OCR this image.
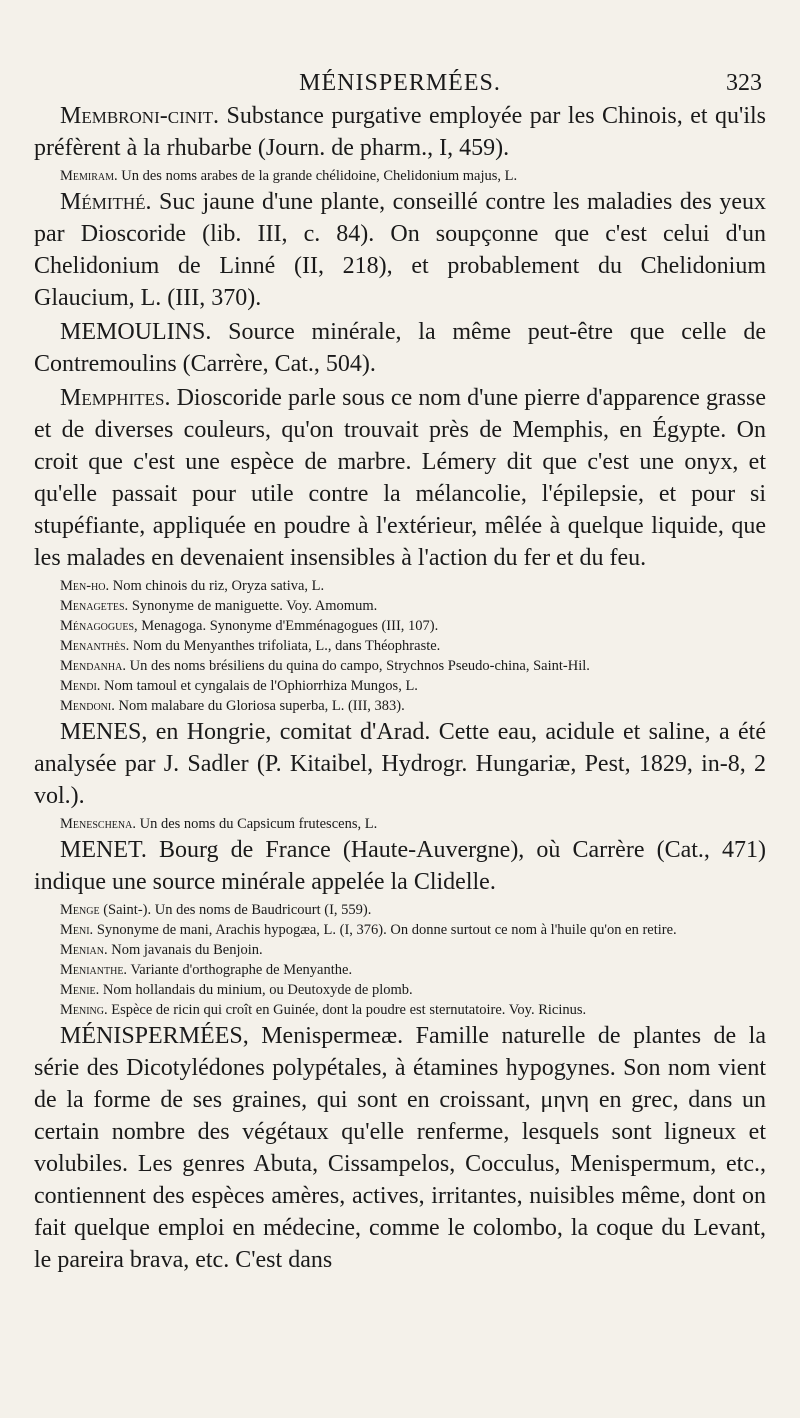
MÉNISPERMÉES.	323

Membroni-cinit. Substance purgative employée par les Chinois, et qu'ils préfèrent à la rhubarbe (Journ. de pharm., I, 459).

Memiram. Un des noms arabes de la grande chélidoine, Chelidonium majus, L.

Mémithé. Suc jaune d'une plante, conseillé contre les maladies des yeux par Dioscoride (lib. III, c. 84). On soupçonne que c'est celui d'un Chelidonium de Linné (II, 218), et probablement du Chelidonium Glaucium, L. (III, 370).

MEMOULINS. Source minérale, la même peut-être que celle de Contremoulins (Carrère, Cat., 504).

Memphites. Dioscoride parle sous ce nom d'une pierre d'apparence grasse et de diverses couleurs, qu'on trouvait près de Memphis, en Égypte. On croit que c'est une espèce de marbre. Lémery dit que c'est une onyx, et qu'elle passait pour utile contre la mélancolie, l'épilepsie, et pour si stupéfiante, appliquée en poudre à l'extérieur, mêlée à quelque liquide, que les malades en devenaient insensibles à l'action du fer et du feu.

Men-ho. Nom chinois du riz, Oryza sativa, L.

Menagetes. Synonyme de maniguette. Voy. Amomum.

Ménagogues, Menagoga. Synonyme d'Emménagogues (III, 107).

Menanthès. Nom du Menyanthes trifoliata, L., dans Théophraste.

Mendanha. Un des noms brésiliens du quina do campo, Strychnos Pseudo-china, Saint-Hil.

Mendi. Nom tamoul et cyngalais de l'Ophiorrhiza Mungos, L.

Mendoni. Nom malabare du Gloriosa superba, L. (III, 383).

MENES, en Hongrie, comitat d'Arad. Cette eau, acidule et saline, a été analysée par J. Sadler (P. Kitaibel, Hydrogr. Hungariæ, Pest, 1829, in-8, 2 vol.).

Meneschena. Un des noms du Capsicum frutescens, L.

MENET. Bourg de France (Haute-Auvergne), où Carrère (Cat., 471) indique une source minérale appelée la Clidelle.

Menge (Saint-). Un des noms de Baudricourt (I, 559).

Meni. Synonyme de mani, Arachis hypogæa, L. (I, 376). On donne surtout ce nom à l'huile qu'on en retire.

Menian. Nom javanais du Benjoin.

Menianthe. Variante d'orthographe de Menyanthe.

Menie. Nom hollandais du minium, ou Deutoxyde de plomb.

Mening. Espèce de ricin qui croît en Guinée, dont la poudre est sternutatoire. Voy. Ricinus.

MÉNISPERMÉES, Menispermeæ. Famille naturelle de plantes de la série des Dicotylédones polypétales, à étamines hypogynes. Son nom vient de la forme de ses graines, qui sont en croissant, μηνη en grec, dans un certain nombre des végétaux qu'elle renferme, lesquels sont ligneux et volubiles. Les genres Abuta, Cissampelos, Cocculus, Menispermum, etc., contiennent des espèces amères, actives, irritantes, nuisibles même, dont on fait quelque emploi en médecine, comme le colombo, la coque du Levant, le pareira brava, etc. C'est dans
